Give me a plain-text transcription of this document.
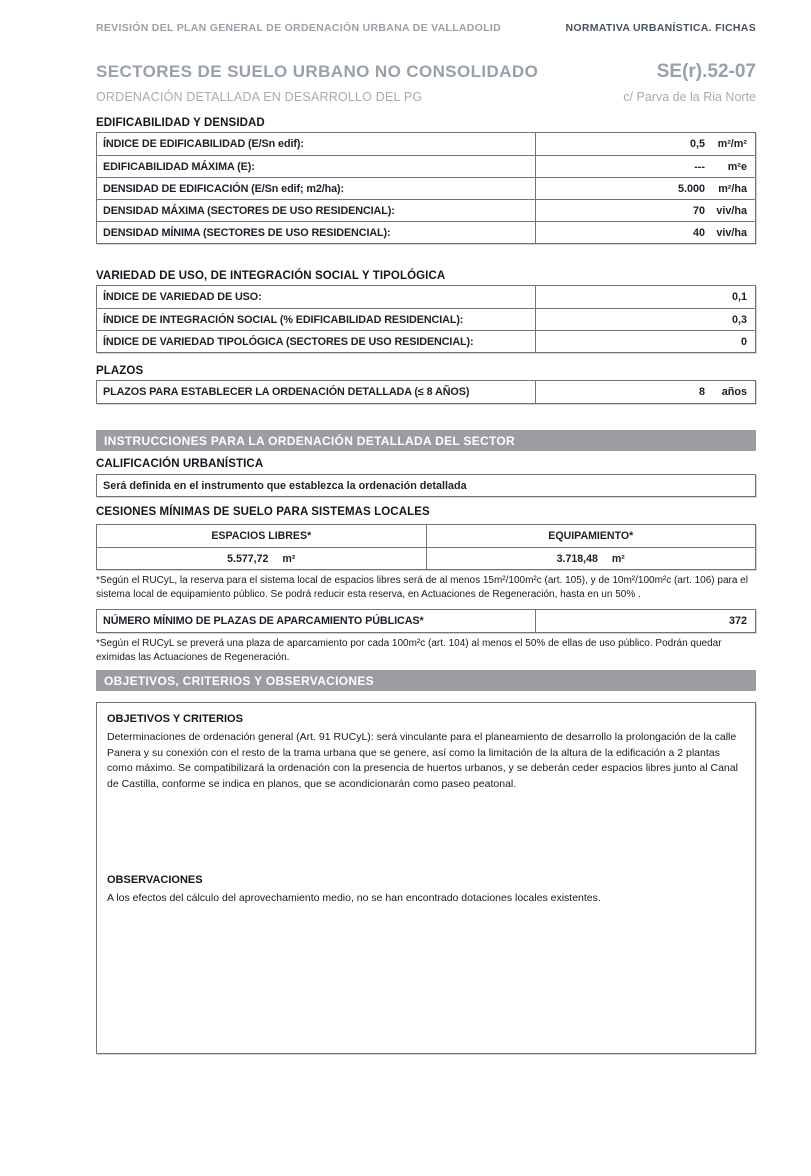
REVISIÓN DEL PLAN GENERAL DE ORDENACIÓN URBANA DE VALLADOLID	NORMATIVA URBANÍSTICA. FICHAS
SECTORES DE SUELO URBANO NO CONSOLIDADO	SE(r).52-07
ORDENACIÓN DETALLADA EN DESARROLLO DEL PG	c/ Parva de la Ria Norte
EDIFICABILIDAD Y DENSIDAD
ÍNDICE DE EDIFICABILIDAD (E/Sn edif):	0,5	m²/m²
EDIFICABILIDAD MÁXIMA (E):	---	m²e
DENSIDAD DE EDIFICACIÓN (E/Sn edif; m2/ha):	5.000	m²/ha
DENSIDAD MÁXIMA (SECTORES DE USO RESIDENCIAL):	70	viv/ha
DENSIDAD MÍNIMA (SECTORES DE USO RESIDENCIAL):	40	viv/ha
VARIEDAD DE USO, DE INTEGRACIÓN SOCIAL Y TIPOLÓGICA
ÍNDICE DE VARIEDAD DE USO:	0,1
ÍNDICE DE INTEGRACIÓN SOCIAL (% EDIFICABILIDAD RESIDENCIAL):	0,3
ÍNDICE DE VARIEDAD TIPOLÓGICA (SECTORES DE USO RESIDENCIAL):	0
PLAZOS
PLAZOS PARA ESTABLECER LA ORDENACIÓN DETALLADA (≤ 8 AÑOS)	8	años
INSTRUCCIONES PARA LA ORDENACIÓN DETALLADA DEL SECTOR
CALIFICACIÓN URBANÍSTICA
Será definida en el instrumento que establezca la ordenación detallada
CESIONES MÍNIMAS DE SUELO PARA SISTEMAS LOCALES
ESPACIOS LIBRES*	EQUIPAMIENTO*
5.577,72 m²	3.718,48 m²

*Según el RUCyL, la reserva para el sistema local de espacios libres será de al menos 15m²/100m²c (art. 105), y de 10m²/100m²c (art. 106) para el sistema local de equipamiento público. Se podrá reducir esta reserva, en Actuaciones de Regeneración, hasta en un 50% .

NÚMERO MÍNIMO DE PLAZAS DE APARCAMIENTO PÚBLICAS*	372

*Según el RUCyL se preverá una plaza de aparcamiento por cada 100m²c (art. 104) al menos el 50% de ellas de uso público. Podrán quedar eximidas las Actuaciones de Regeneración.

OBJETIVOS, CRITERIOS Y OBSERVACIONES
OBJETIVOS Y CRITERIOS

Determinaciones de ordenación general (Art. 91 RUCyL): será vinculante para el planeamiento de desarrollo la prolongación de la calle Panera y su conexión con el resto de la trama urbana que se genere, así como la limitación de la altura de la edificación a 2 plantas como máximo. Se compatibilizará la ordenación con la presencia de huertos urbanos, y se deberán ceder espacios libres junto al Canal de Castilla, conforme se indica en planos, que se acondicionarán como paseo peatonal.

OBSERVACIONES

A los efectos del cálculo del aprovechamiento medio, no se han encontrado dotaciones locales existentes.
